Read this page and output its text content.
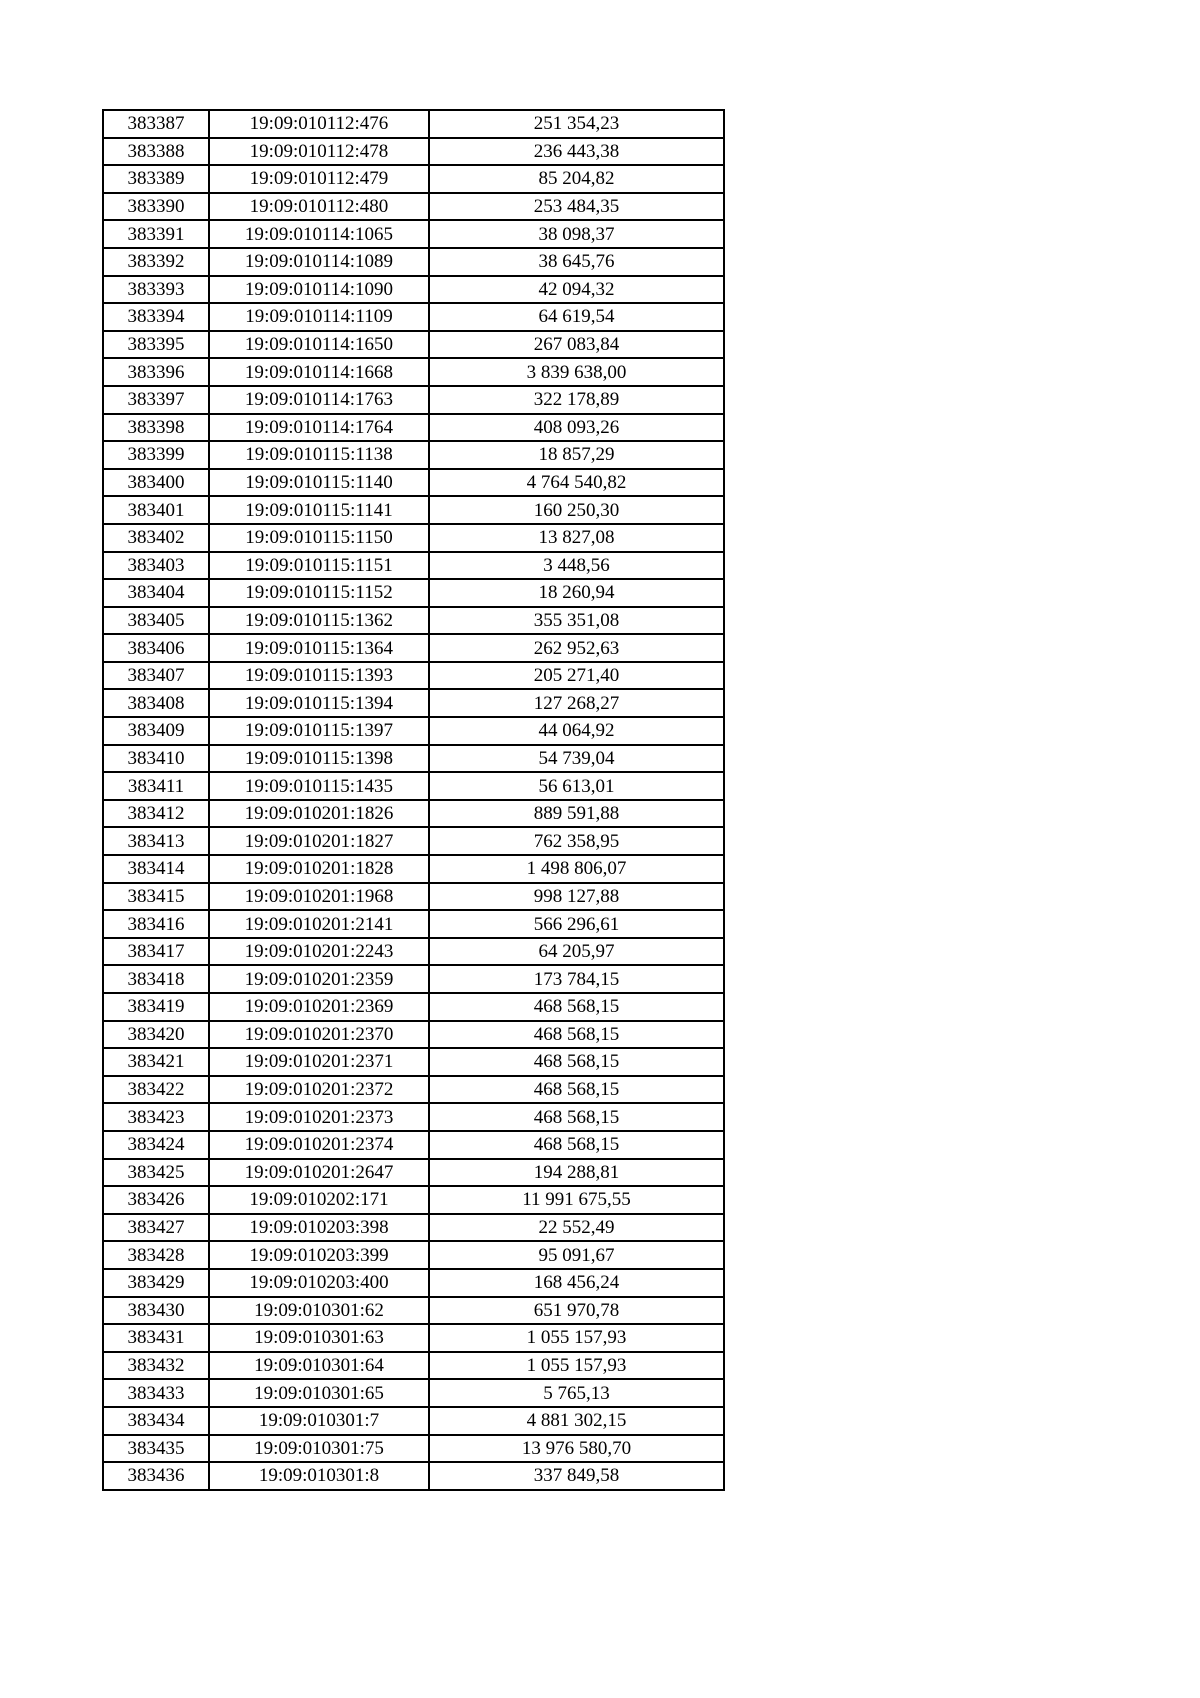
383387	19:09:010112:476	251 354,23
383388	19:09:010112:478	236 443,38
383389	19:09:010112:479	85 204,82
383390	19:09:010112:480	253 484,35
383391	19:09:010114:1065	38 098,37
383392	19:09:010114:1089	38 645,76
383393	19:09:010114:1090	42 094,32
383394	19:09:010114:1109	64 619,54
383395	19:09:010114:1650	267 083,84
383396	19:09:010114:1668	3 839 638,00
383397	19:09:010114:1763	322 178,89
383398	19:09:010114:1764	408 093,26
383399	19:09:010115:1138	18 857,29
383400	19:09:010115:1140	4 764 540,82
383401	19:09:010115:1141	160 250,30
383402	19:09:010115:1150	13 827,08
383403	19:09:010115:1151	3 448,56
383404	19:09:010115:1152	18 260,94
383405	19:09:010115:1362	355 351,08
383406	19:09:010115:1364	262 952,63
383407	19:09:010115:1393	205 271,40
383408	19:09:010115:1394	127 268,27
383409	19:09:010115:1397	44 064,92
383410	19:09:010115:1398	54 739,04
383411	19:09:010115:1435	56 613,01
383412	19:09:010201:1826	889 591,88
383413	19:09:010201:1827	762 358,95
383414	19:09:010201:1828	1 498 806,07
383415	19:09:010201:1968	998 127,88
383416	19:09:010201:2141	566 296,61
383417	19:09:010201:2243	64 205,97
383418	19:09:010201:2359	173 784,15
383419	19:09:010201:2369	468 568,15
383420	19:09:010201:2370	468 568,15
383421	19:09:010201:2371	468 568,15
383422	19:09:010201:2372	468 568,15
383423	19:09:010201:2373	468 568,15
383424	19:09:010201:2374	468 568,15
383425	19:09:010201:2647	194 288,81
383426	19:09:010202:171	11 991 675,55
383427	19:09:010203:398	22 552,49
383428	19:09:010203:399	95 091,67
383429	19:09:010203:400	168 456,24
383430	19:09:010301:62	651 970,78
383431	19:09:010301:63	1 055 157,93
383432	19:09:010301:64	1 055 157,93
383433	19:09:010301:65	5 765,13
383434	19:09:010301:7	4 881 302,15
383435	19:09:010301:75	13 976 580,70
383436	19:09:010301:8	337 849,58
